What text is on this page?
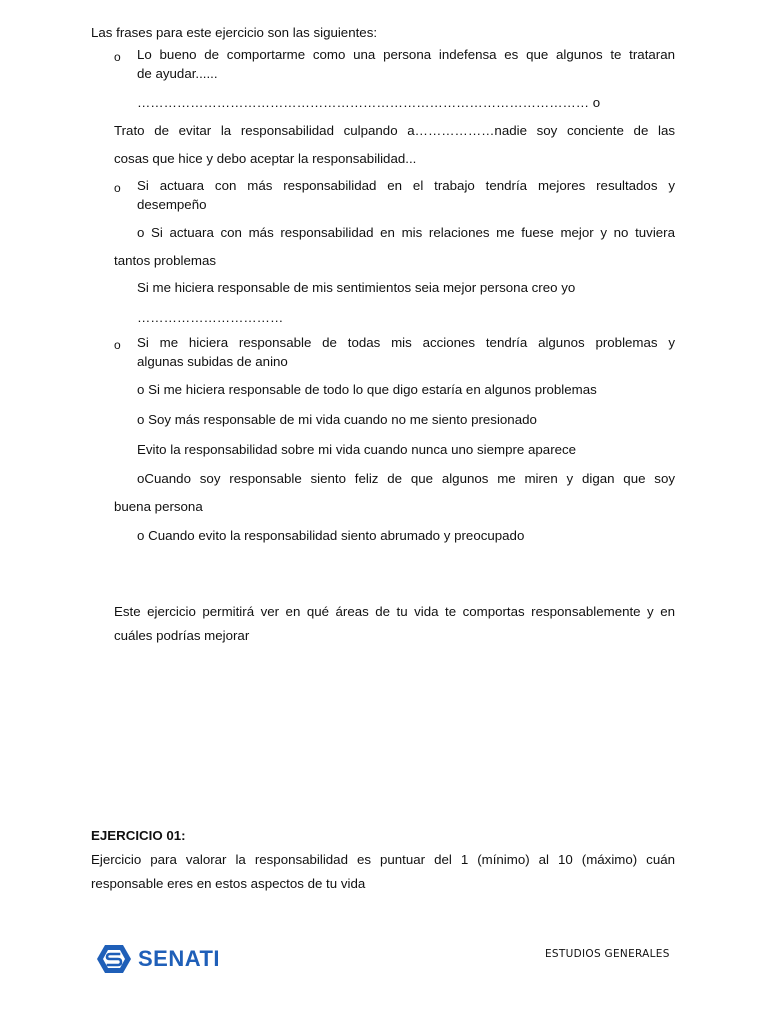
Las frases para este ejercicio son las siguientes:
o Lo bueno de comportarme como una persona indefensa es que algunos te trataran
de ayudar......
………………………………………………………………………………………… o
Trato de evitar la responsabilidad culpando a………………nadie soy conciente de las
cosas que hice y debo aceptar la responsabilidad...
o Si actuara con más responsabilidad en el trabajo tendría mejores resultados y
desempeño
o Si actuara con más responsabilidad en mis relaciones me fuese mejor y no tuviera
tantos problemas
Si me hiciera responsable de mis sentimientos seia mejor persona creo yo
……………………………
o Si me hiciera responsable de todas mis acciones tendría algunos problemas y
algunas subidas de anino
o Si me hiciera responsable de todo lo que digo estaría en algunos problemas
o Soy más responsable de mi vida cuando no me siento presionado
Evito la responsabilidad sobre mi vida cuando nunca uno siempre aparece
oCuando soy responsable siento feliz de que algunos me miren y digan que soy
buena persona
o Cuando evito la responsabilidad siento abrumado y preocupado
Este ejercicio permitirá ver en qué áreas de tu vida te comportas responsablemente y en
cuáles podrías mejorar
EJERCICIO 01:
Ejercicio para valorar la responsabilidad es puntuar del 1 (mínimo) al 10 (máximo) cuán
responsable eres en estos aspectos de tu vida
SENATI	ESTUDIOS GENERALES
